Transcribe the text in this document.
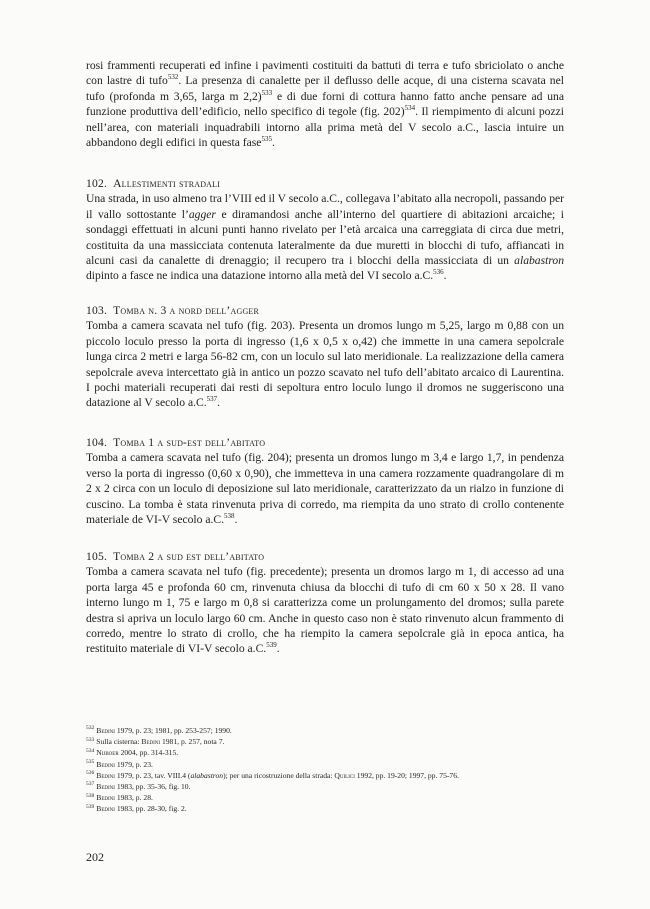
rosi frammenti recuperati ed infine i pavimenti costituiti da battuti di terra e tufo sbriciolato o anche con lastre di tufo$^{532}$. La presenza di canalette per il deflusso delle acque, di una cisterna scavata nel tufo (profonda m 3,65, larga m 2,2)$^{533}$ e di due forni di cottura hanno fatto anche pensare ad una funzione produttiva dell’edificio, nello specifico di tegole (fig. 202)$^{534}$. Il riempimento di alcuni pozzi nell’area, con materiali inquadrabili intorno alla prima metà del V secolo a.C., lascia intuire un abbandono degli edifici in questa fase$^{535}$.

102. Allestimenti stradali

Una strada, in uso almeno tra l’VIII ed il V secolo a.C., collegava l’abitato alla necropoli, passando per il vallo sottostante l’agger e diramandosi anche all’interno del quartiere di abitazioni arcaiche; i sondaggi effettuati in alcuni punti hanno rivelato per l’età arcaica una carreggiata di circa due metri, costituita da una massicciata contenuta lateralmente da due muretti in blocchi di tufo, affiancati in alcuni casi da canalette di drenaggio; il recupero tra i blocchi della massicciata di un alabastron dipinto a fasce ne indica una datazione intorno alla metà del VI secolo a.C.$^{536}$.

103. Tomba n. 3 a nord dell’agger

Tomba a camera scavata nel tufo (fig. 203). Presenta un dromos lungo m 5,25, largo m 0,88 con un piccolo loculo presso la porta di ingresso (1,6 x 0,5 x o,42) che immette in una camera sepolcrale lunga circa 2 metri e larga 56-82 cm, con un loculo sul lato meridionale. La realizzazione della camera sepolcrale aveva intercettato già in antico un pozzo scavato nel tufo dell’abitato arcaico di Laurentina. I pochi materiali recuperati dai resti di sepoltura entro loculo lungo il dromos ne suggeriscono una datazione al V secolo a.C.$^{537}$.

104. Tomba 1 a sud-est dell’abitato

Tomba a camera scavata nel tufo (fig. 204); presenta un dromos lungo m 3,4 e largo 1,7, in pendenza verso la porta di ingresso (0,60 x 0,90), che immetteva in una camera rozzamente quadrangolare di m 2 x 2 circa con un loculo di deposizione sul lato meridionale, caratterizzato da un rialzo in funzione di cuscino. La tomba è stata rinvenuta priva di corredo, ma riempita da uno strato di crollo contenente materiale de VI-V secolo a.C.$^{538}$.

105. Tomba 2 a sud est dell’abitato

Tomba a camera scavata nel tufo (fig. precedente); presenta un dromos largo m 1, di accesso ad una porta larga 45 e profonda 60 cm, rinvenuta chiusa da blocchi di tufo di cm 60 x 50 x 28. Il vano interno lungo m 1, 75 e largo m 0,8 si caratterizza come un prolungamento del dromos; sulla parete destra si apriva un loculo largo 60 cm. Anche in questo caso non è stato rinvenuto alcun frammento di corredo, mentre lo strato di crollo, che ha riempito la camera sepolcrale già in epoca antica, ha restituito materiale di VI-V secolo a.C.$^{539}$.

$^{532}$ Bedini 1979, p. 23; 1981, pp. 253-257; 1990.
$^{533}$ Sulla cisterna: Bedini 1981, p. 257, nota 7.
$^{534}$ Nijboer 2004, pp. 314-315.
$^{535}$ Bedini 1979, p. 23.
$^{536}$ Bedini 1979, p. 23, tav. VIII.4 (alabastron); per una ricostruzione della strada: Quilici 1992, pp. 19-20; 1997, pp. 75-76.
$^{537}$ Bedini 1983, pp. 35-36, fig. 10.
$^{538}$ Bedini 1983, p. 28.
$^{539}$ Bedini 1983, pp. 28-30, fig. 2.
202
